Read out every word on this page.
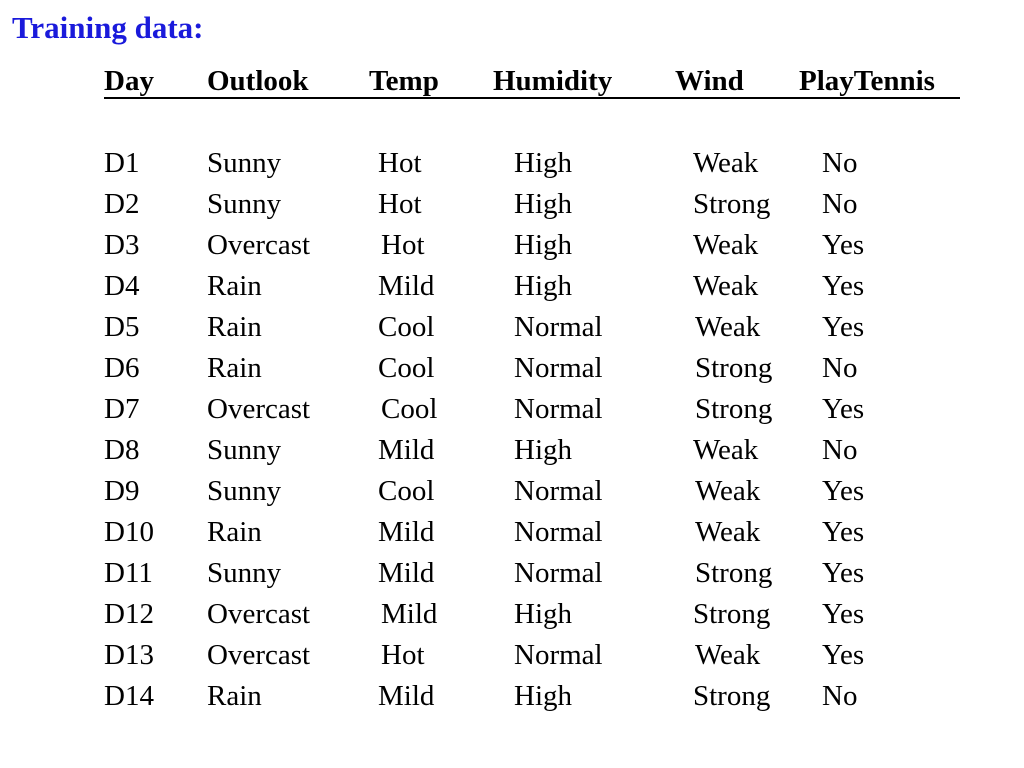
Training data:
Day Outlook Temp Humidity Wind PlayTennis
D1 Sunny	Hot	High	Weak No
D2 Sunny	Hot	High	Strong No
D3 Overcast Hot	High	Weak Yes
D4 Rain	Mild	High	Weak Yes
D5 Rain	Cool	Normal	Weak Yes
D6 Rain	Cool	Normal	Strong No
D7 Overcast Cool	Normal	Strong Yes
D8 Sunny	Mild	High	Weak No
D9 Sunny	Cool	Normal	Weak Yes
D10 Rain	Mild	Normal	Weak Yes
D11 Sunny	Mild	Normal	Strong Yes
D12 Overcast Mild	High	Strong Yes
D13 Overcast Hot	Normal	Weak Yes
D14 Rain	Mild	High	Strong No
